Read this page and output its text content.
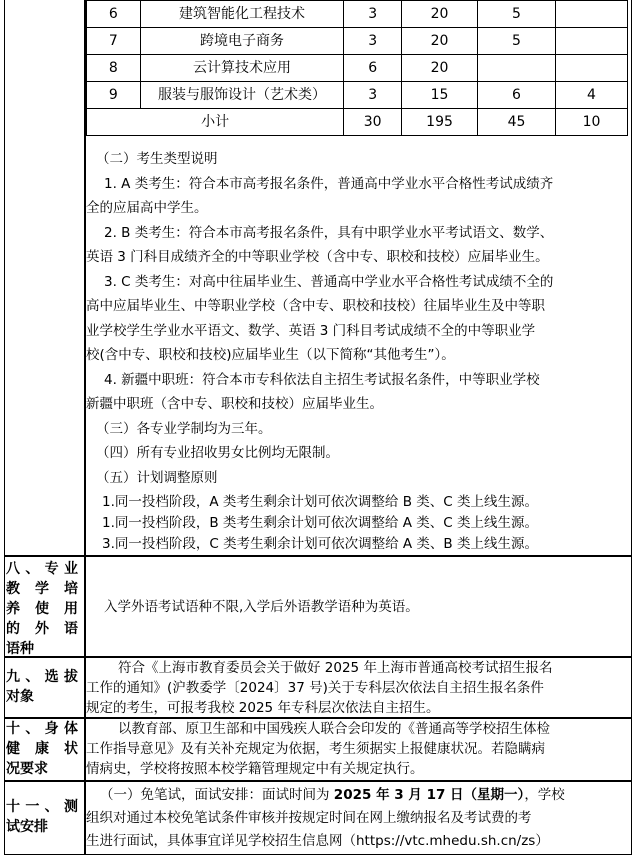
6	建筑智能化工程技术	3	20	5	
7	跨境电子商务	3	20	5	
8	云计算技术应用	6	20		
9	服装与服饰设计（艺术类）	3	15	6	4
小计		30	195	45	10
（二）考生类型说明
1. A 类考生：符合本市高考报名条件，普通高中学业水平合格性考试成绩齐
全的应届高中学生。
2. B 类考生：符合本市高考报名条件，具有中职学业水平考试语文、数学、
英语 3 门科目成绩齐全的中等职业学校（含中专、职校和技校）应届毕业生。
3. C 类考生：对高中往届毕业生、普通高中学业水平合格性考试成绩不全的
高中应届毕业生、中等职业学校（含中专、职校和技校）往届毕业生及中等职
业学校学生学业水平语文、数学、英语 3 门科目考试成绩不全的中等职业学
校(含中专、职校和技校)应届毕业生（以下简称“其他考生”）。
4. 新疆中职班：符合本市专科依法自主招生考试报名条件，中等职业学校
新疆中职班（含中专、职校和技校）应届毕业生。
（三）各专业学制均为三年。
（四）所有专业招收男女比例均无限制。
（五）计划调整原则
1.同一投档阶段，A 类考生剩余计划可依次调整给 B 类、C 类上线生源。
1.同一投档阶段，B 类考生剩余计划可依次调整给 A 类、C 类上线生源。
3.同一投档阶段，C 类考生剩余计划可依次调整给 A 类、B 类上线生源。
八、专业
教学培
养使用
的外语
语种

入学外语考试语种不限,入学后外语教学语种为英语。

九、选拔
对象
符合《上海市教育委员会关于做好 2025 年上海市普通高校考试招生报名
工作的通知》(沪教委学〔2024〕37 号)关于专科层次依法自主招生报名条件
规定的考生，可报考我校 2025 年专科层次依法自主招生。
十、身体
健康状
况要求
以教育部、原卫生部和中国残疾人联合会印发的《普通高等学校招生体检
工作指导意见》及有关补充规定为依据，考生须据实上报健康状况。若隐瞒病
情病史，学校将按照本校学籍管理规定中有关规定执行。
十一、测
试安排
（一）免笔试，面试安排：面试时间为 2025 年 3 月 17 日（星期一），学校
组织对通过本校免笔试条件审核并按规定时间在网上缴纳报名及考试费的考
生进行面试，具体事宜详见学校招生信息网（https://vtc.mhedu.sh.cn/zs）
